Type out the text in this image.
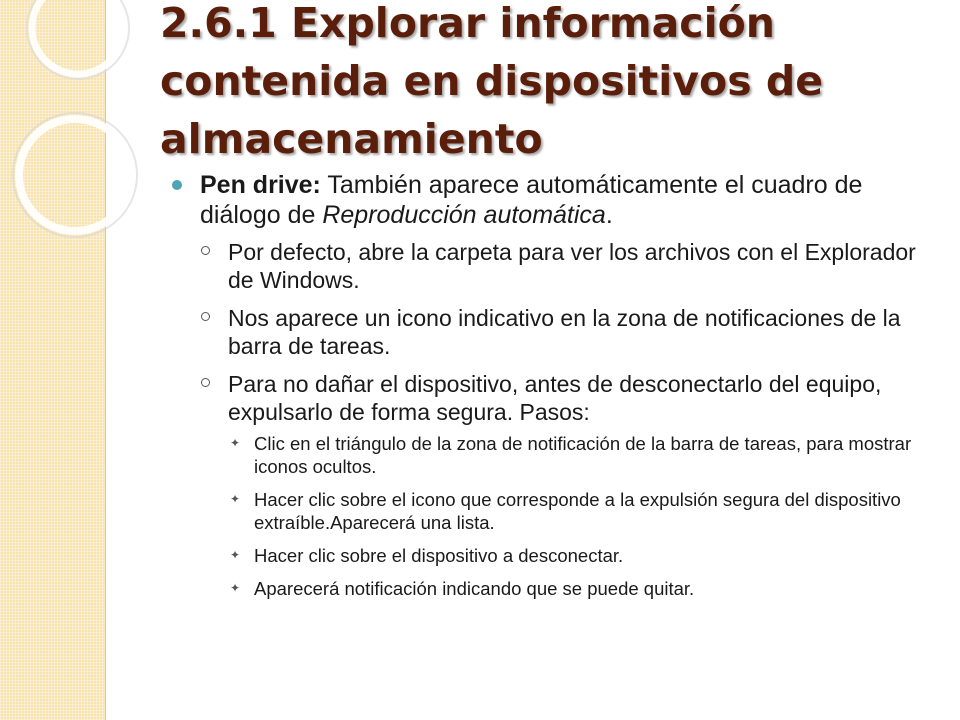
2.6.1 Explorar información contenida en dispositivos de almacenamiento
Pen drive: También aparece automáticamente el cuadro de diálogo de Reproducción automática.
Por defecto, abre la carpeta para ver los archivos con el Explorador de Windows.
Nos aparece un icono indicativo en la zona de notificaciones de la barra de tareas.
Para no dañar el dispositivo, antes de desconectarlo del equipo, expulsarlo de forma segura. Pasos:
✦ Clic en el triángulo de la zona de notificación de la barra de tareas, para mostrar iconos ocultos.
✦ Hacer clic sobre el icono que corresponde a la expulsión segura del dispositivo extraíble.Aparecerá una lista.
✦ Hacer clic sobre el dispositivo a desconectar.
✦ Aparecerá notificación indicando que se puede quitar.
